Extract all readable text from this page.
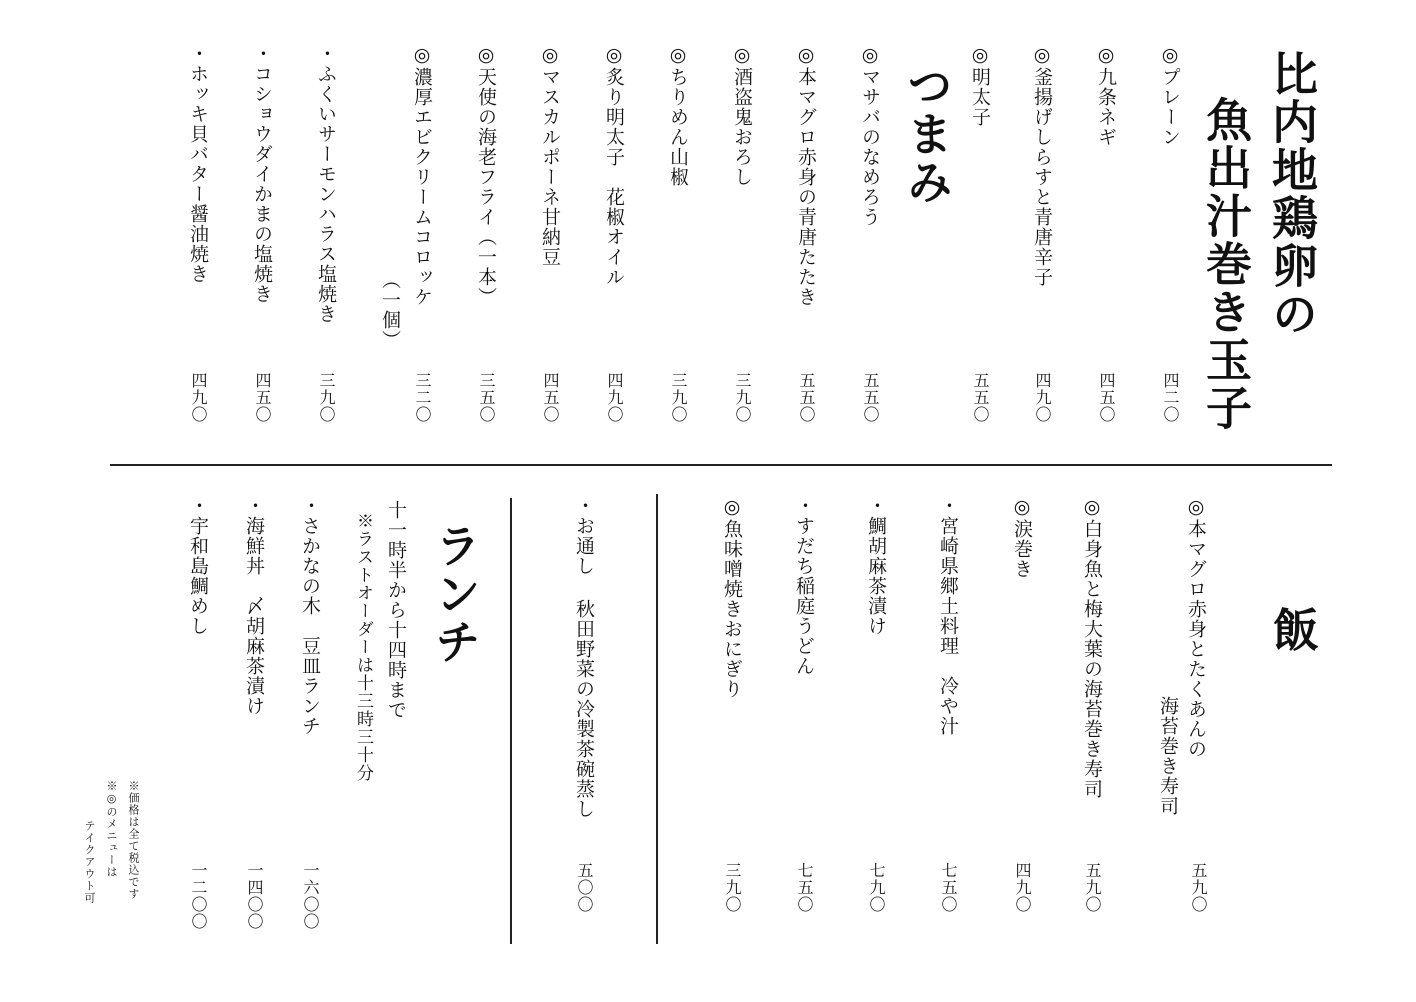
比内地鶏卵の
魚出汁巻き玉子
◎プレーン
四二〇
◎九条ネギ
四五〇
◎釜揚げしらすと青唐辛子
四九〇
◎明太子
五五〇
つまみ
◎マサバのなめろう
五五〇
◎本マグロ赤身の青唐たたき
五五〇
◎酒盗鬼おろし
三九〇
◎ちりめん山椒
三九〇
◎炙り明太子　花椒オイル
四九〇
◎マスカルポーネ甘納豆
四五〇
◎天使の海老フライ（一本）
三五〇
◎濃厚エビクリームコロッケ
（一個）
三二〇
・ふくいサーモンハラス塩焼き
三九〇
・コショウダイかまの塩焼き
四五〇
・ホッキ貝バター醤油焼き
四九〇
飯
◎本マグロ赤身とたくあんの
海苔巻き寿司
五九〇
◎白身魚と梅大葉の海苔巻き寿司
五九〇
◎涙巻き
四九〇
・宮崎県郷土料理　冷や汁
七五〇
・鯛胡麻茶漬け
七九〇
・すだち稲庭うどん
七五〇
◎魚味噌焼きおにぎり
三九〇
・お通し 秋田野菜の冷製茶碗蒸し
五〇〇
ランチ
十一時半から十四時まで
※ラストオーダーは十三時三十分
・さかなの木　豆皿ランチ
一六〇〇
・海鮮丼　〆胡麻茶漬け
一四〇〇
・宇和島鯛めし
一二〇〇
※価格は全て税込です
※◎のメニューは
テイクアウト可
